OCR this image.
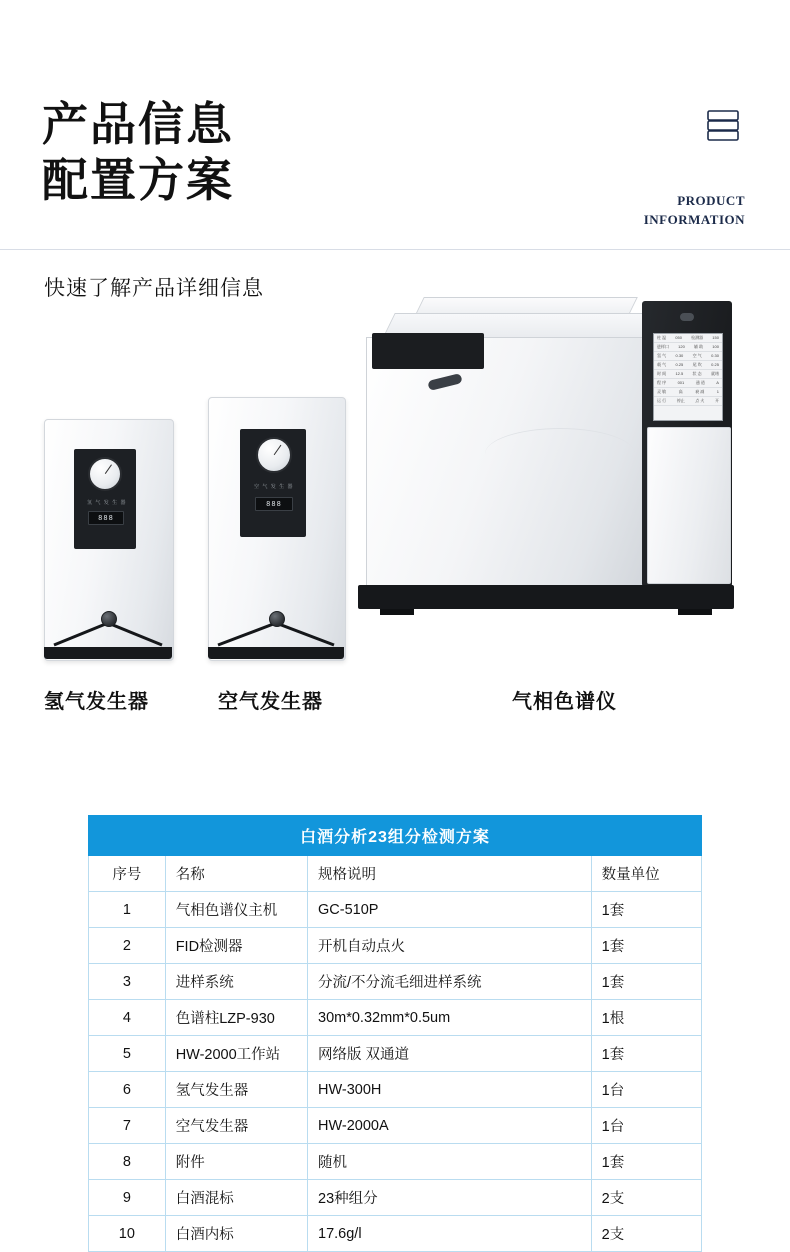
产品信息
配置方案	PRODUCT
INFORMATION
快速了解产品详细信息
氢 气 发 生 器
888
空 气 发 生 器
888
柱 温 050 检测器 150
进样口 120 辅 助 100
氢 气 0.30 空 气 0.30
载 气 0.25 尾 吹 0.25
时 间 12.5 状 态 就绪
程 序	001	通 道	A
灵 敏	高	衰 减	1
运 行	停止	点 火	开
氢气发生器	空气发生器	气相色谱仪
白酒分析23组分检测方案			
序号	名称	规格说明	数量单位
1	气相色谱仪主机	GC-510P	1套
2	FID检测器	开机自动点火	1套
3	进样系统	分流/不分流毛细进样系统	1套
4	色谱柱LZP-930	30m*0.32mm*0.5um	1根
5	HW-2000工作站	网络版 双通道	1套
6	氢气发生器	HW-300H	1台
7	空气发生器	HW-2000A	1台
8	附件	随机	1套
9	白酒混标	23种组分	2支
10	白酒内标	17.6g/l	2支
